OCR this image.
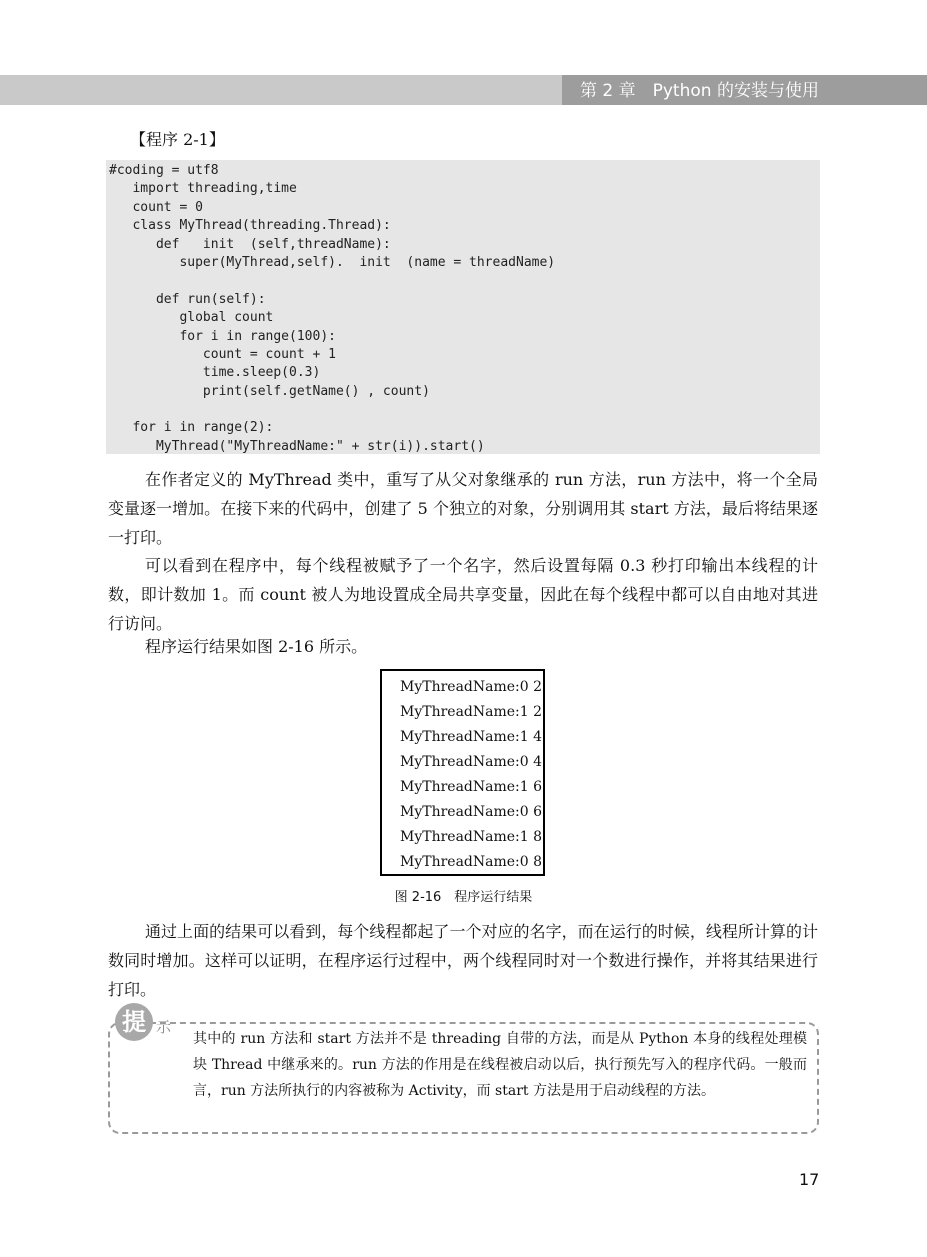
第 2 章　Python 的安装与使用
【程序 2-1】
#coding = utf8
import threading,time
count = 0
class MyThread(threading.Thread):
def   init  (self,threadName):
super(MyThread,self).  init  (name = threadName)
def run(self):
global count
for i in range(100):
count = count + 1
time.sleep(0.3)
print(self.getName() , count)
for i in range(2):
MyThread("MyThreadName:" + str(i)).start()
在作者定义的 MyThread 类中，重写了从父对象继承的 run 方法，run 方法中，将一个全局变量逐一增加。在接下来的代码中，创建了 5 个独立的对象，分别调用其 start 方法，最后将结果逐一打印。
可以看到在程序中，每个线程被赋予了一个名字，然后设置每隔 0.3 秒打印输出本线程的计数，即计数加 1。而 count 被人为地设置成全局共享变量，因此在每个线程中都可以自由地对其进行访问。
程序运行结果如图 2-16 所示。
MyThreadName:0 2
MyThreadName:1 2
MyThreadName:1 4
MyThreadName:0 4
MyThreadName:1 6
MyThreadName:0 6
MyThreadName:1 8
MyThreadName:0 8
图 2-16　程序运行结果
通过上面的结果可以看到，每个线程都起了一个对应的名字，而在运行的时候，线程所计算的计数同时增加。这样可以证明，在程序运行过程中，两个线程同时对一个数进行操作，并将其结果进行打印。
提 示
其中的 run 方法和 start 方法并不是 threading 自带的方法，而是从 Python 本身的线程处理模块 Thread 中继承来的。run 方法的作用是在线程被启动以后，执行预先写入的程序代码。一般而言，run 方法所执行的内容被称为 Activity，而 start 方法是用于启动线程的方法。
17
